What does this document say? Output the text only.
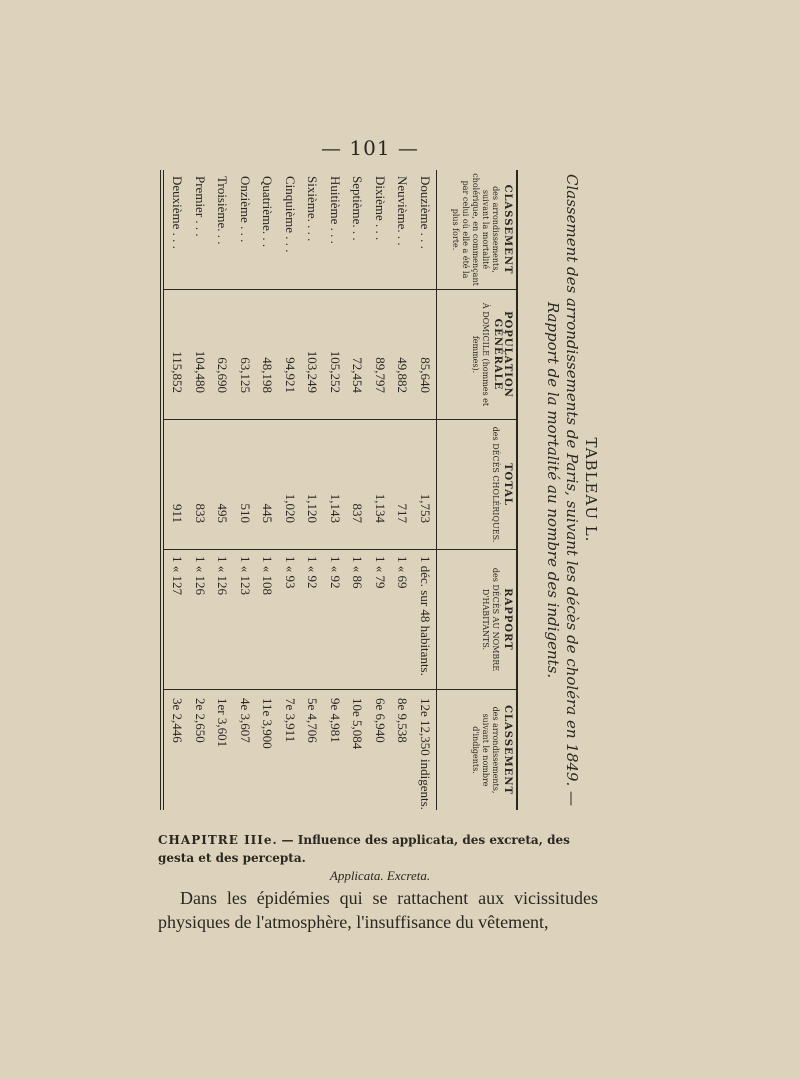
— 101 —
TABLEAU L.
Classement des arrondissements de Paris, suivant les décès de choléra en 1849. — Rapport de la mortalité au nombre des indigents.
CLASSEMENT
des arrondissements, suivant la mortalité cholérique, en commençant par celui où elle a été la plus forte.
Douzième . . .
Neuvième. . .
Dixième . . .
Septième. . .
Huitième . . .
Sixième. . . .
Cinquième . . .
Quatrième. . .
Onzième . . .
Troisième. . .
Premier . . .
Deuxième . . .
POPULATION GÉNÉRALE
À DOMICILE (hommes et femmes).
85,640
49,882
89,797
72,454
105,252
103,249
94,921
48,198
63,125
62,690
104,480
115,852
TOTAL
des DÉCÈS CHOLÉRIQUES.
1,753
717
1,134
837
1,143
1,120
1,020
445
510
495
833
911
RAPPORT
des DÉCÈS AU NOMBRE D'HABITANTS.
1 déc. sur 48 habitants.
1 « 69
1 « 79
1 « 86
1 « 92
1 « 92
1 « 93
1 « 108
1 « 123
1 « 126
1 « 126
1 « 127
CLASSEMENT
des arrondissements, suivant le nombre d'indigents.
12e 12,350 indigents.
8e 9,538
6e 6,940
10e 5,084
9e 4,981
5e 4,706
7e 3,911
11e 3,900
4e 3,607
1er 3,601
2e 2,650
3e 2,446
CHAPITRE IIIe. — Influence des applicata, des excreta, des gesta et des percepta.
Applicata. Excreta.

Dans les épidémies qui se rattachent aux vicissitudes physiques de l'atmosphère, l'insuffisance du vêtement,
